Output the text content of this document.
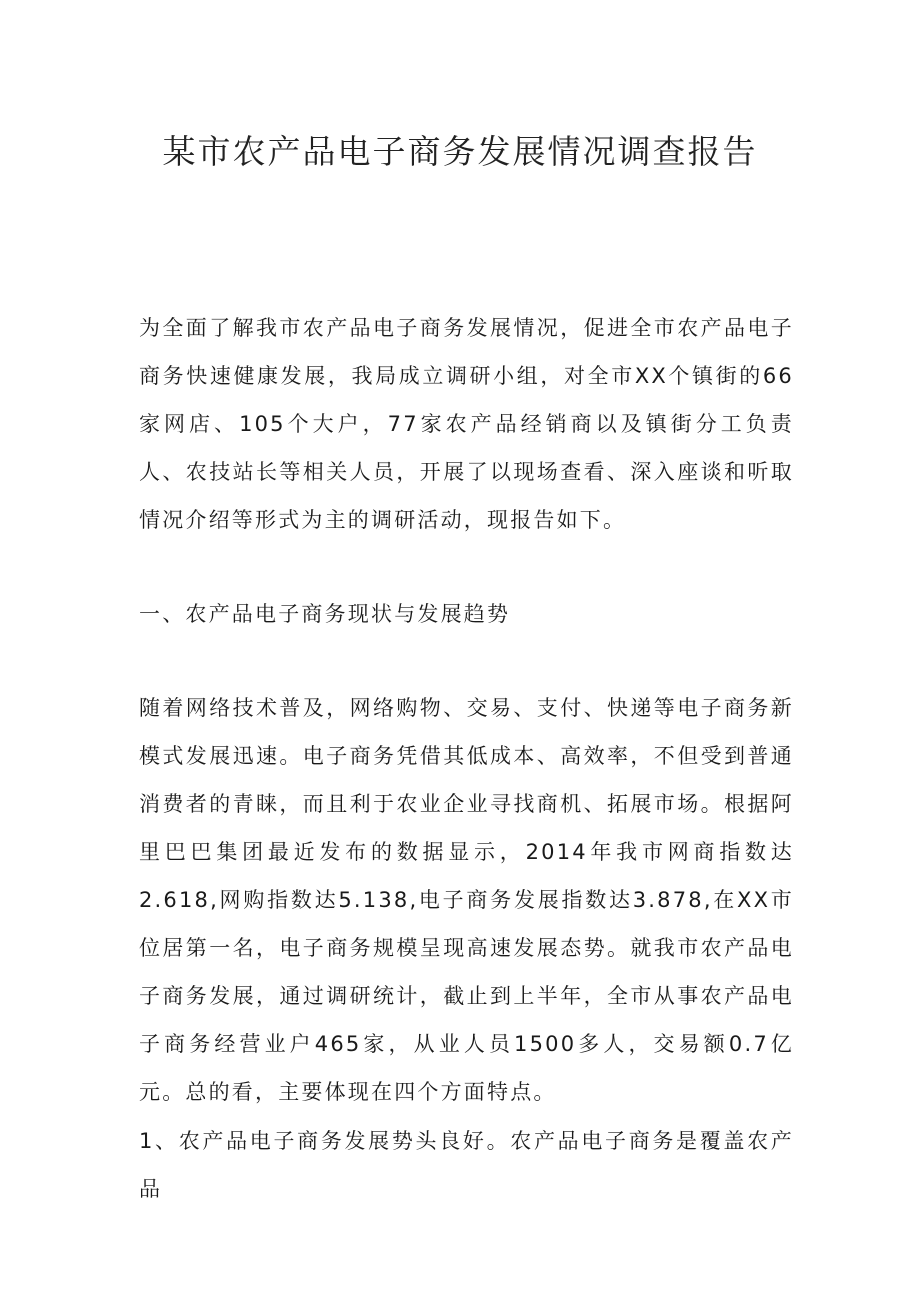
某市农产品电子商务发展情况调查报告

为全面了解我市农产品电子商务发展情况，促进全市农产品电子商务快速健康发展，我局成立调研小组，对全市XX个镇街的66家网店、105个大户，77家农产品经销商以及镇街分工负责人、农技站长等相关人员，开展了以现场查看、深入座谈和听取情况介绍等形式为主的调研活动，现报告如下。

一、农产品电子商务现状与发展趋势

随着网络技术普及，网络购物、交易、支付、快递等电子商务新模式发展迅速。电子商务凭借其低成本、高效率，不但受到普通消费者的青睐，而且利于农业企业寻找商机、拓展市场。根据阿里巴巴集团最近发布的数据显示，2014年我市网商指数达2.618,网购指数达5.138,电子商务发展指数达3.878,在XX市位居第一名，电子商务规模呈现高速发展态势。就我市农产品电子商务发展，通过调研统计，截止到上半年，全市从事农产品电子商务经营业户465家，从业人员1500多人，交易额0.7亿元。总的看，主要体现在四个方面特点。

1、农产品电子商务发展势头良好。农产品电子商务是覆盖农产品
